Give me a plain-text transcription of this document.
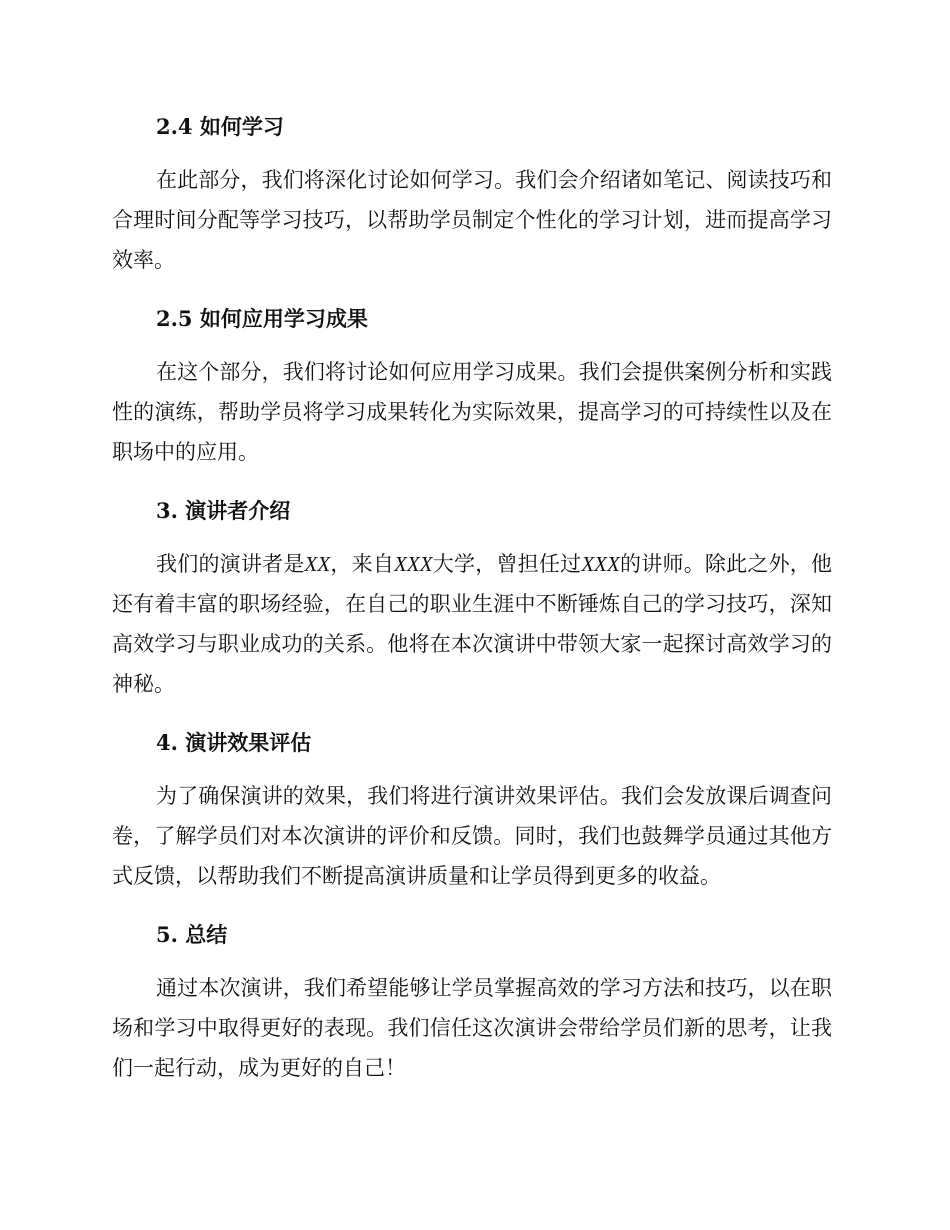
2.4 如何学习

在此部分，我们将深化讨论如何学习。我们会介绍诸如笔记、阅读技巧和合理时间分配等学习技巧，以帮助学员制定个性化的学习计划，进而提高学习效率。

2.5 如何应用学习成果

在这个部分，我们将讨论如何应用学习成果。我们会提供案例分析和实践性的演练，帮助学员将学习成果转化为实际效果，提高学习的可持续性以及在职场中的应用。

3. 演讲者介绍

我们的演讲者是XX，来自XXX大学，曾担任过XXX的讲师。除此之外，他还有着丰富的职场经验，在自己的职业生涯中不断锤炼自己的学习技巧，深知高效学习与职业成功的关系。他将在本次演讲中带领大家一起探讨高效学习的神秘。

4. 演讲效果评估

为了确保演讲的效果，我们将进行演讲效果评估。我们会发放课后调查问卷，了解学员们对本次演讲的评价和反馈。同时，我们也鼓舞学员通过其他方式反馈，以帮助我们不断提高演讲质量和让学员得到更多的收益。

5. 总结

通过本次演讲，我们希望能够让学员掌握高效的学习方法和技巧，以在职场和学习中取得更好的表现。我们信任这次演讲会带给学员们新的思考，让我们一起行动，成为更好的自己！
